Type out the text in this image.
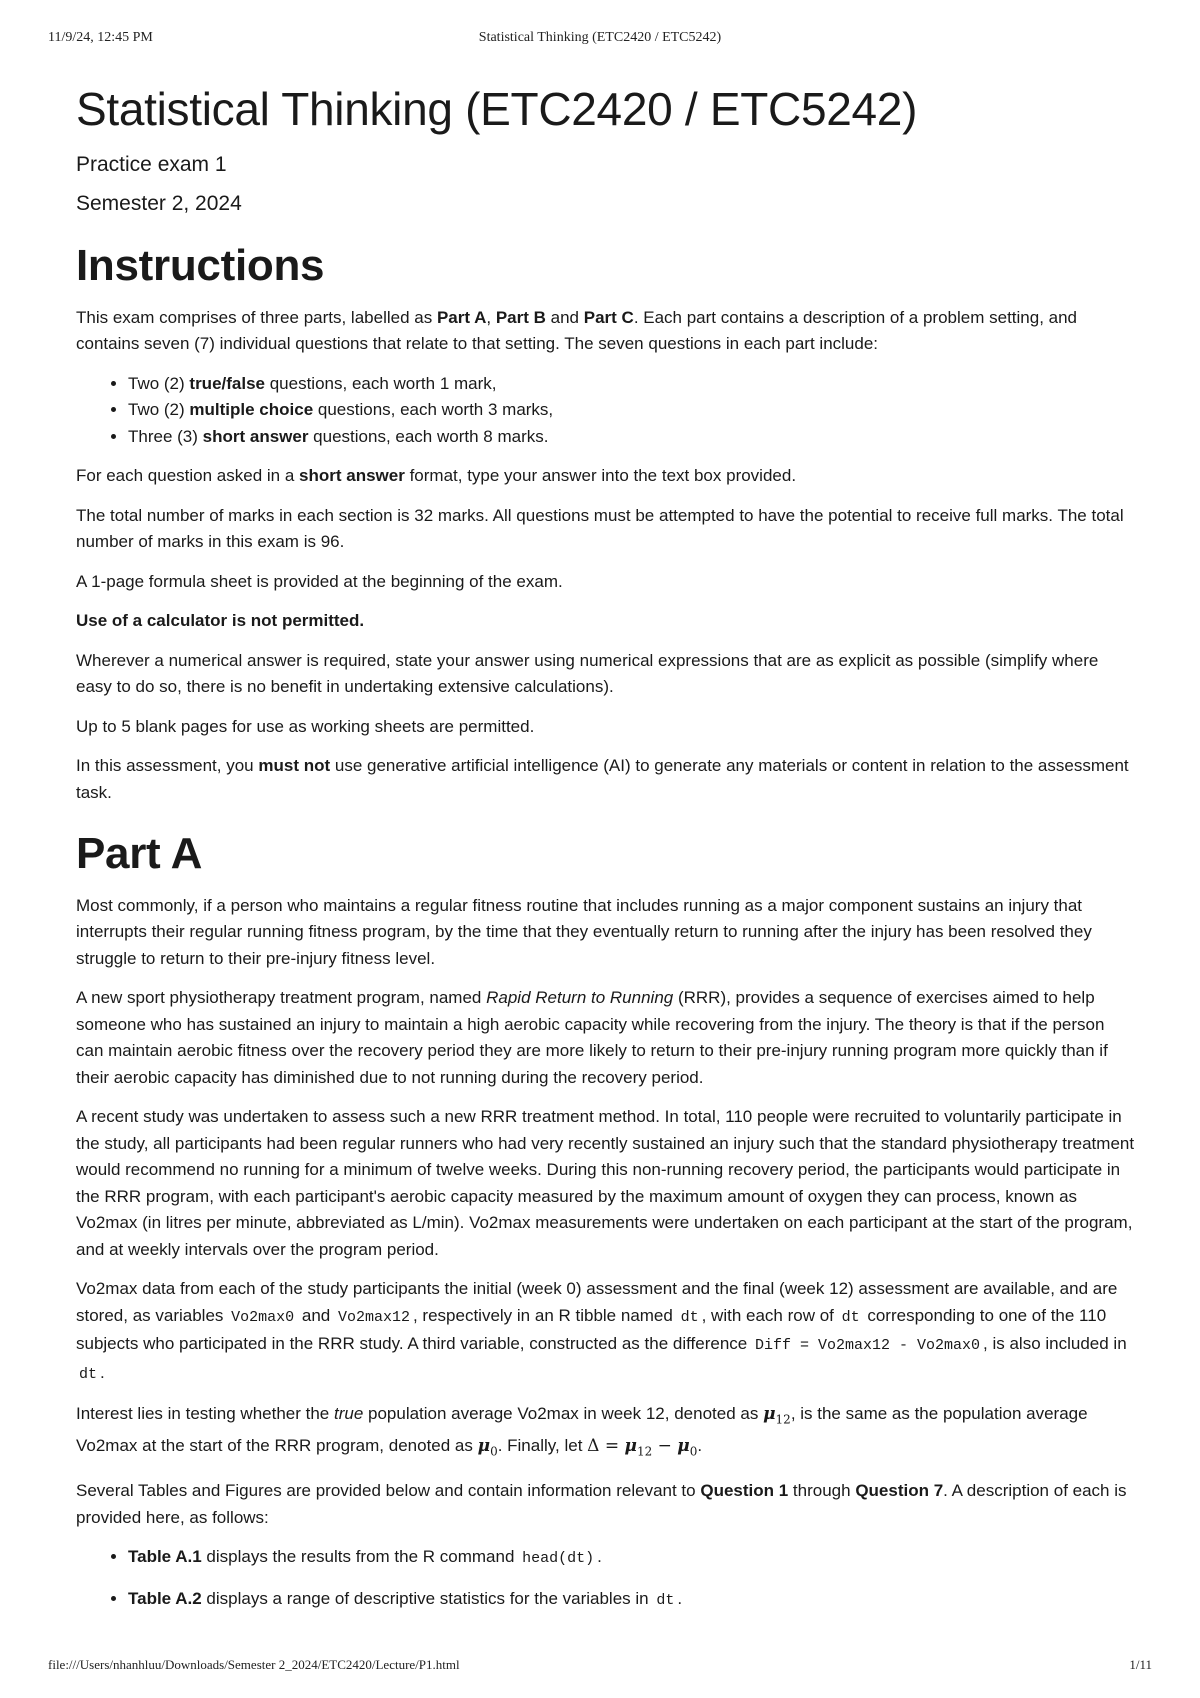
11/9/24, 12:45 PM	Statistical Thinking (ETC2420 / ETC5242)
Statistical Thinking (ETC2420 / ETC5242)
Practice exam 1
Semester 2, 2024
Instructions

This exam comprises of three parts, labelled as Part A, Part B and Part C. Each part contains a description of a problem setting, and contains seven (7) individual questions that relate to that setting. The seven questions in each part include:

• Two (2) true/false questions, each worth 1 mark,
• Two (2) multiple choice questions, each worth 3 marks,
• Three (3) short answer questions, each worth 8 marks.

For each question asked in a short answer format, type your answer into the text box provided.

The total number of marks in each section is 32 marks. All questions must be attempted to have the potential to receive full marks. The total number of marks in this exam is 96.

A 1-page formula sheet is provided at the beginning of the exam.

Use of a calculator is not permitted.

Wherever a numerical answer is required, state your answer using numerical expressions that are as explicit as possible (simplify where easy to do so, there is no benefit in undertaking extensive calculations).

Up to 5 blank pages for use as working sheets are permitted.

In this assessment, you must not use generative artificial intelligence (AI) to generate any materials or content in relation to the assessment task.

Part A

Most commonly, if a person who maintains a regular fitness routine that includes running as a major component sustains an injury that interrupts their regular running fitness program, by the time that they eventually return to running after the injury has been resolved they struggle to return to their pre-injury fitness level.

A new sport physiotherapy treatment program, named Rapid Return to Running (RRR), provides a sequence of exercises aimed to help someone who has sustained an injury to maintain a high aerobic capacity while recovering from the injury. The theory is that if the person can maintain aerobic fitness over the recovery period they are more likely to return to their pre-injury running program more quickly than if their aerobic capacity has diminished due to not running during the recovery period.

A recent study was undertaken to assess such a new RRR treatment method. In total, 110 people were recruited to voluntarily participate in the study, all participants had been regular runners who had very recently sustained an injury such that the standard physiotherapy treatment would recommend no running for a minimum of twelve weeks. During this non-running recovery period, the participants would participate in the RRR program, with each participant's aerobic capacity measured by the maximum amount of oxygen they can process, known as Vo2max (in litres per minute, abbreviated as L/min). Vo2max measurements were undertaken on each participant at the start of the program, and at weekly intervals over the program period.

Vo2max data from each of the study participants the initial (week 0) assessment and the final (week 12) assessment are available, and are stored, as variables Vo2max0 and Vo2max12 , respectively in an R tibble named dt , with each row of dt corresponding to one of the 110 subjects who participated in the RRR study. A third variable, constructed as the difference Diff = Vo2max12 - Vo2max0 , is also included in dt .

Interest lies in testing whether the true population average Vo2max in week 12, denoted as $\mu_{12}$, is the same as the population average Vo2max at the start of the RRR program, denoted as $\mu_0$. Finally, let $\Delta = \mu_{12} - \mu_0$.

Several Tables and Figures are provided below and contain information relevant to Question 1 through Question 7. A description of each is provided here, as follows:

• Table A.1 displays the results from the R command head(dt) .
• Table A.2 displays a range of descriptive statistics for the variables in dt .
file:///Users/nhanhluu/Downloads/Semester 2_2024/ETC2420/Lecture/P1.html	1/11
